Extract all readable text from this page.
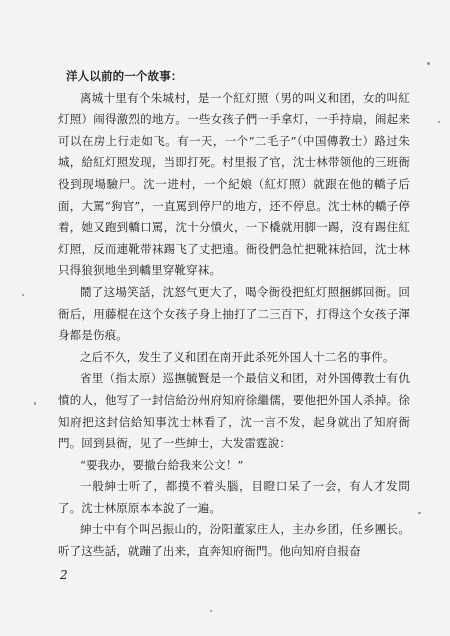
洋人以前的一个故事：

离城十里有个朱城村，是一个紅灯照（男的叫义和团，女的叫紅灯照）闹得激烈的地方。一些女孩子們一手拿灯，一手持扇，闹起来可以在房上行走如飞。有一天，一个“二毛子”（中国傳教士）路过朱城，給紅灯照发现，当即打死。村里报了官，沈士林带领他的三班衙役到现場驗尸。沈一进村，一个紀娘（紅灯照）就跟在他的轎子后面，大罵“狗官”，一直罵到停尸的地方，还不停息。沈士林的轎子停着，她又跑到轎口罵，沈十分憤火，一下橇就用脚一踢，沒有踢住紅灯照，反而連靴带袜踢飞了丈把遠。衙役們急忙把靴袜拾回，沈士林只得狼狈地坐到轎里穿靴穿袜。

鬧了这場笑話，沈怒气更大了，喝令衙役把紅灯照捆綁回衙。回衙后，用藤棍在这个女孩子身上抽打了二三百下，打得这个女孩子渾身都是伤痕。

之后不久，发生了义和团在南开此杀死外国人十二名的事件。

省里（指太原）巡撫毓賢是一个最信义和团，对外国傳教士有仇憤的人，他写了一封信給汾州府知府徐繼儒，要他把外国人杀掉。徐知府把这封信給知事沈士林看了，沈一言不发，起身就出了知府衙門。回到县衙，见了一些紳士，大发雷霆說：

“要我办，要撤台給我来公文！”

一般紳士听了，都摸不着头腦，目瞪口呆了一会，有人才发問了。沈士林原原本本說了一遍。

紳士中有个叫呂振山的，汾阳董家庄人，主办乡团，任乡團长。听了这些話，就蹦了出来，直奔知府衙門。他向知府自报奋

2
